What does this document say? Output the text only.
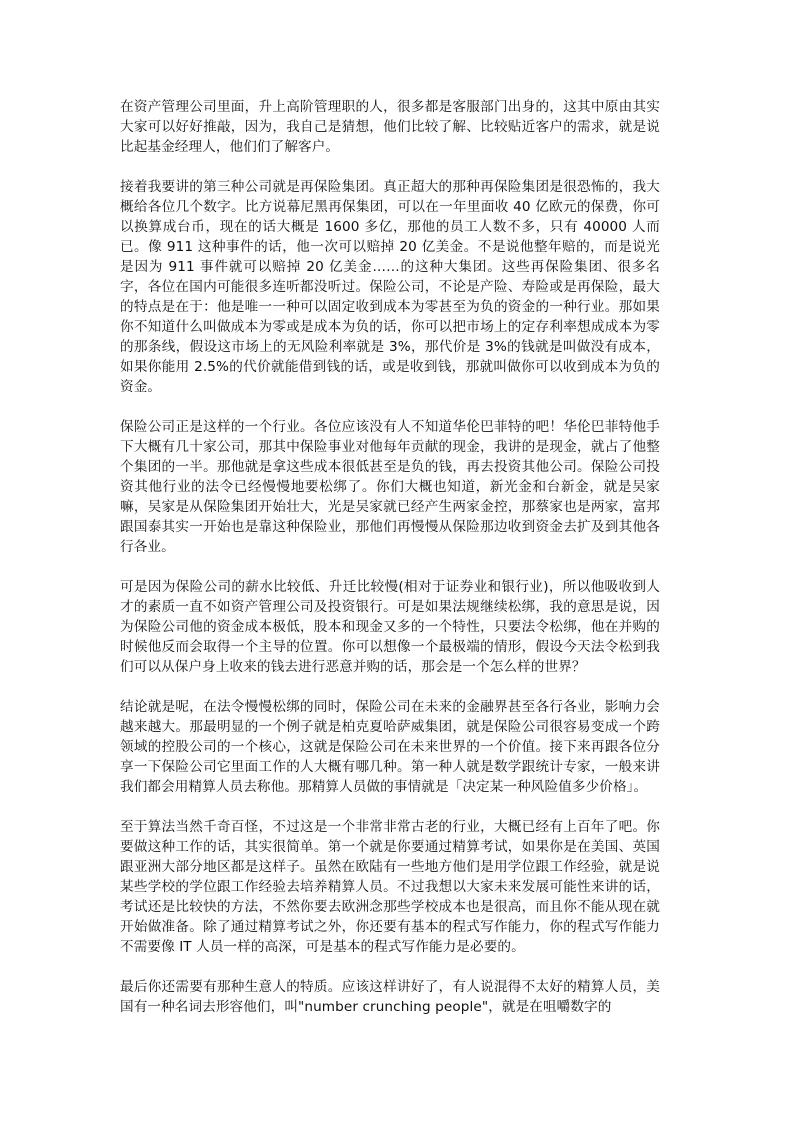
在资产管理公司里面，升上高阶管理职的人，很多都是客服部门出身的，这其中原由其实大家可以好好推敲，因为，我自己是猜想，他们比较了解、比较贴近客户的需求，就是说比起基金经理人，他们们了解客户。

接着我要讲的第三种公司就是再保险集团。真正超大的那种再保险集团是很恐怖的，我大概给各位几个数字。比方说幕尼黑再保集团，可以在一年里面收 40 亿欧元的保费，你可以换算成台币，现在的话大概是 1600 多亿，那他的员工人数不多，只有 40000 人而已。像 911 这种事件的话，他一次可以赔掉 20 亿美金。不是说他整年赔的，而是说光是因为 911 事件就可以赔掉 20 亿美金……的这种大集团。这些再保险集团、很多名字，各位在国内可能很多连听都没听过。保险公司，不论是产险、寿险或是再保险，最大的特点是在于：他是唯一一种可以固定收到成本为零甚至为负的资金的一种行业。那如果你不知道什么叫做成本为零或是成本为负的话，你可以把市场上的定存利率想成成本为零的那条线，假设这市场上的无风险利率就是 3%，那代价是 3%的钱就是叫做没有成本，如果你能用 2.5%的代价就能借到钱的话，或是收到钱，那就叫做你可以收到成本为负的资金。

保险公司正是这样的一个行业。各位应该没有人不知道华伦巴菲特的吧！华伦巴菲特他手下大概有几十家公司，那其中保险事业对他每年贡献的现金，我讲的是现金，就占了他整个集团的一半。那他就是拿这些成本很低甚至是负的钱，再去投资其他公司。保险公司投资其他行业的法令已经慢慢地要松绑了。你们大概也知道，新光金和台新金，就是吴家嘛，吴家是从保险集团开始壮大，光是吴家就已经产生两家金控，那蔡家也是两家，富邦跟国泰其实一开始也是靠这种保险业，那他们再慢慢从保险那边收到资金去扩及到其他各行各业。

可是因为保险公司的薪水比较低、升迁比较慢(相对于证券业和银行业)，所以他吸收到人才的素质一直不如资产管理公司及投资银行。可是如果法规继续松绑，我的意思是说，因为保险公司他的资金成本极低，股本和现金又多的一个特性，只要法令松绑，他在并购的时候他反而会取得一个主导的位置。你可以想像一个最极端的情形，假设今天法令松到我们可以从保户身上收来的钱去进行恶意并购的话，那会是一个怎么样的世界？

结论就是呢，在法令慢慢松绑的同时，保险公司在未来的金融界甚至各行各业，影响力会越来越大。那最明显的一个例子就是柏克夏哈萨威集团，就是保险公司很容易变成一个跨领域的控股公司的一个核心，这就是保险公司在未来世界的一个价值。接下来再跟各位分享一下保险公司它里面工作的人大概有哪几种。第一种人就是数学跟统计专家，一般来讲我们都会用精算人员去称他。那精算人员做的事情就是「决定某一种风险值多少价格」。

至于算法当然千奇百怪，不过这是一个非常非常古老的行业，大概已经有上百年了吧。你要做这种工作的话，其实很简单。第一个就是你要通过精算考试，如果你是在美国、英国跟亚洲大部分地区都是这样子。虽然在欧陆有一些地方他们是用学位跟工作经验，就是说某些学校的学位跟工作经验去培养精算人员。不过我想以大家未来发展可能性来讲的话，考试还是比较快的方法，不然你要去欧洲念那些学校成本也是很高，而且你不能从现在就开始做准备。除了通过精算考试之外，你还要有基本的程式写作能力，你的程式写作能力不需要像 IT 人员一样的高深，可是基本的程式写作能力是必要的。

最后你还需要有那种生意人的特质。应该这样讲好了，有人说混得不太好的精算人员，美国有一种名词去形容他们，叫"number crunching people"，就是在咀嚼数字的
